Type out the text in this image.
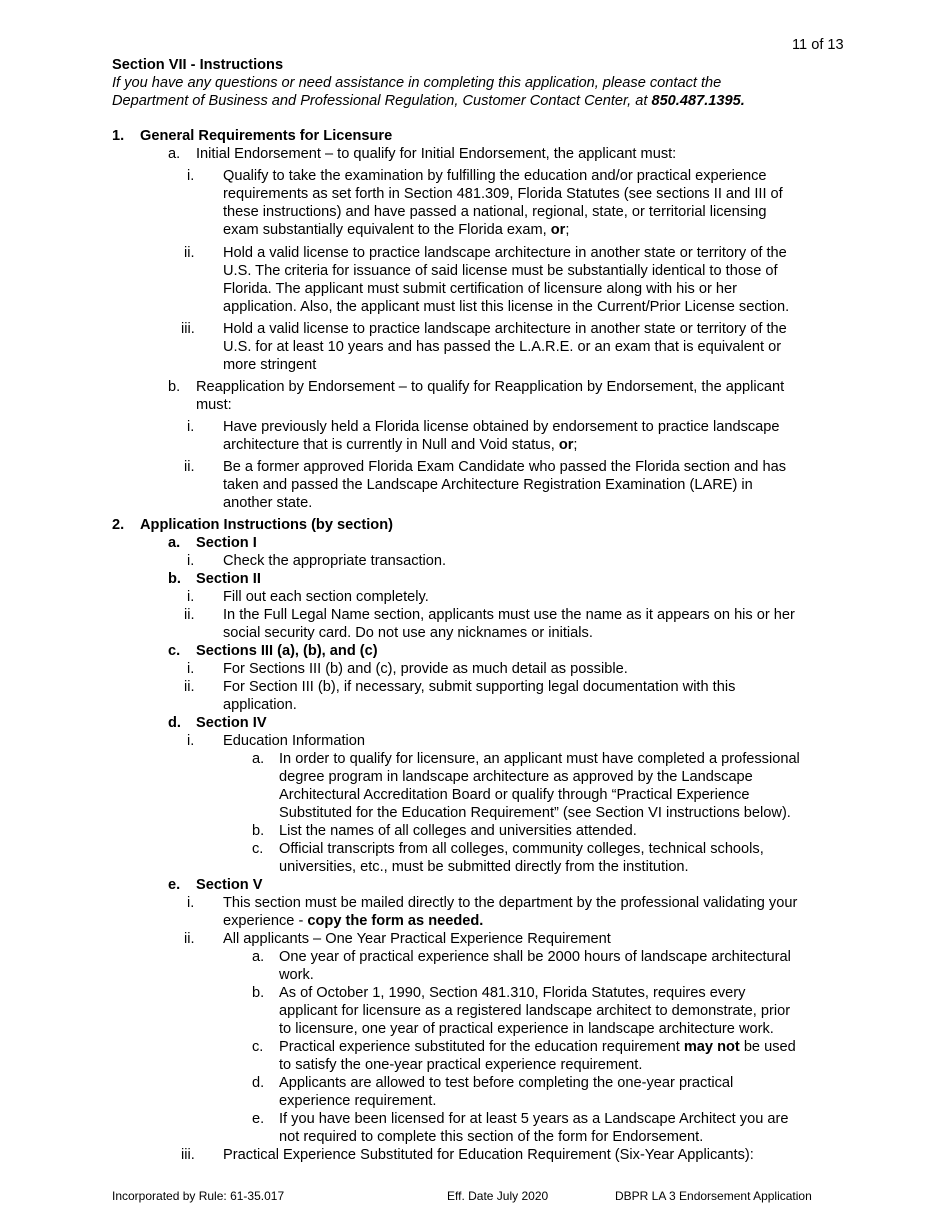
11 of 13
Section VII - Instructions
If you have any questions or need assistance in completing this application, please contact the
Department of Business and Professional Regulation, Customer Contact Center, at 850.487.1395.
1. General Requirements for Licensure
a. Initial Endorsement – to qualify for Initial Endorsement, the applicant must:
i. Qualify to take the examination by fulfilling the education and/or practical experience
requirements as set forth in Section 481.309, Florida Statutes (see sections II and III of
these instructions) and have passed a national, regional, state, or territorial licensing
exam substantially equivalent to the Florida exam, or;
ii. Hold a valid license to practice landscape architecture in another state or territory of the
U.S. The criteria for issuance of said license must be substantially identical to those of
Florida. The applicant must submit certification of licensure along with his or her
application. Also, the applicant must list this license in the Current/Prior License section.
iii. Hold a valid license to practice landscape architecture in another state or territory of the
U.S. for at least 10 years and has passed the L.A.R.E. or an exam that is equivalent or
more stringent
b. Reapplication by Endorsement – to qualify for Reapplication by Endorsement, the applicant
must:
i. Have previously held a Florida license obtained by endorsement to practice landscape
architecture that is currently in Null and Void status, or;
ii. Be a former approved Florida Exam Candidate who passed the Florida section and has
taken and passed the Landscape Architecture Registration Examination (LARE) in
another state.
2. Application Instructions (by section)
a. Section I
i. Check the appropriate transaction.
b. Section II
i. Fill out each section completely.
ii. In the Full Legal Name section, applicants must use the name as it appears on his or her
social security card. Do not use any nicknames or initials.
c. Sections III (a), (b), and (c)
i. For Sections III (b) and (c), provide as much detail as possible.
ii. For Section III (b), if necessary, submit supporting legal documentation with this
application.
d. Section IV
i. Education Information
a. In order to qualify for licensure, an applicant must have completed a professional
degree program in landscape architecture as approved by the Landscape
Architectural Accreditation Board or qualify through “Practical Experience
Substituted for the Education Requirement” (see Section VI instructions below).
b. List the names of all colleges and universities attended.
c. Official transcripts from all colleges, community colleges, technical schools,
universities, etc., must be submitted directly from the institution.
e. Section V
i. This section must be mailed directly to the department by the professional validating your
experience - copy the form as needed.
ii. All applicants – One Year Practical Experience Requirement
a. One year of practical experience shall be 2000 hours of landscape architectural
work.
b. As of October 1, 1990, Section 481.310, Florida Statutes, requires every
applicant for licensure as a registered landscape architect to demonstrate, prior
to licensure, one year of practical experience in landscape architecture work.
c. Practical experience substituted for the education requirement may not be used
to satisfy the one-year practical experience requirement.
d. Applicants are allowed to test before completing the one-year practical
experience requirement.
e. If you have been licensed for at least 5 years as a Landscape Architect you are
not required to complete this section of the form for Endorsement.
iii. Practical Experience Substituted for Education Requirement (Six-Year Applicants):
Incorporated by Rule: 61-35.017	Eff. Date July 2020	DBPR LA 3 Endorsement Application
